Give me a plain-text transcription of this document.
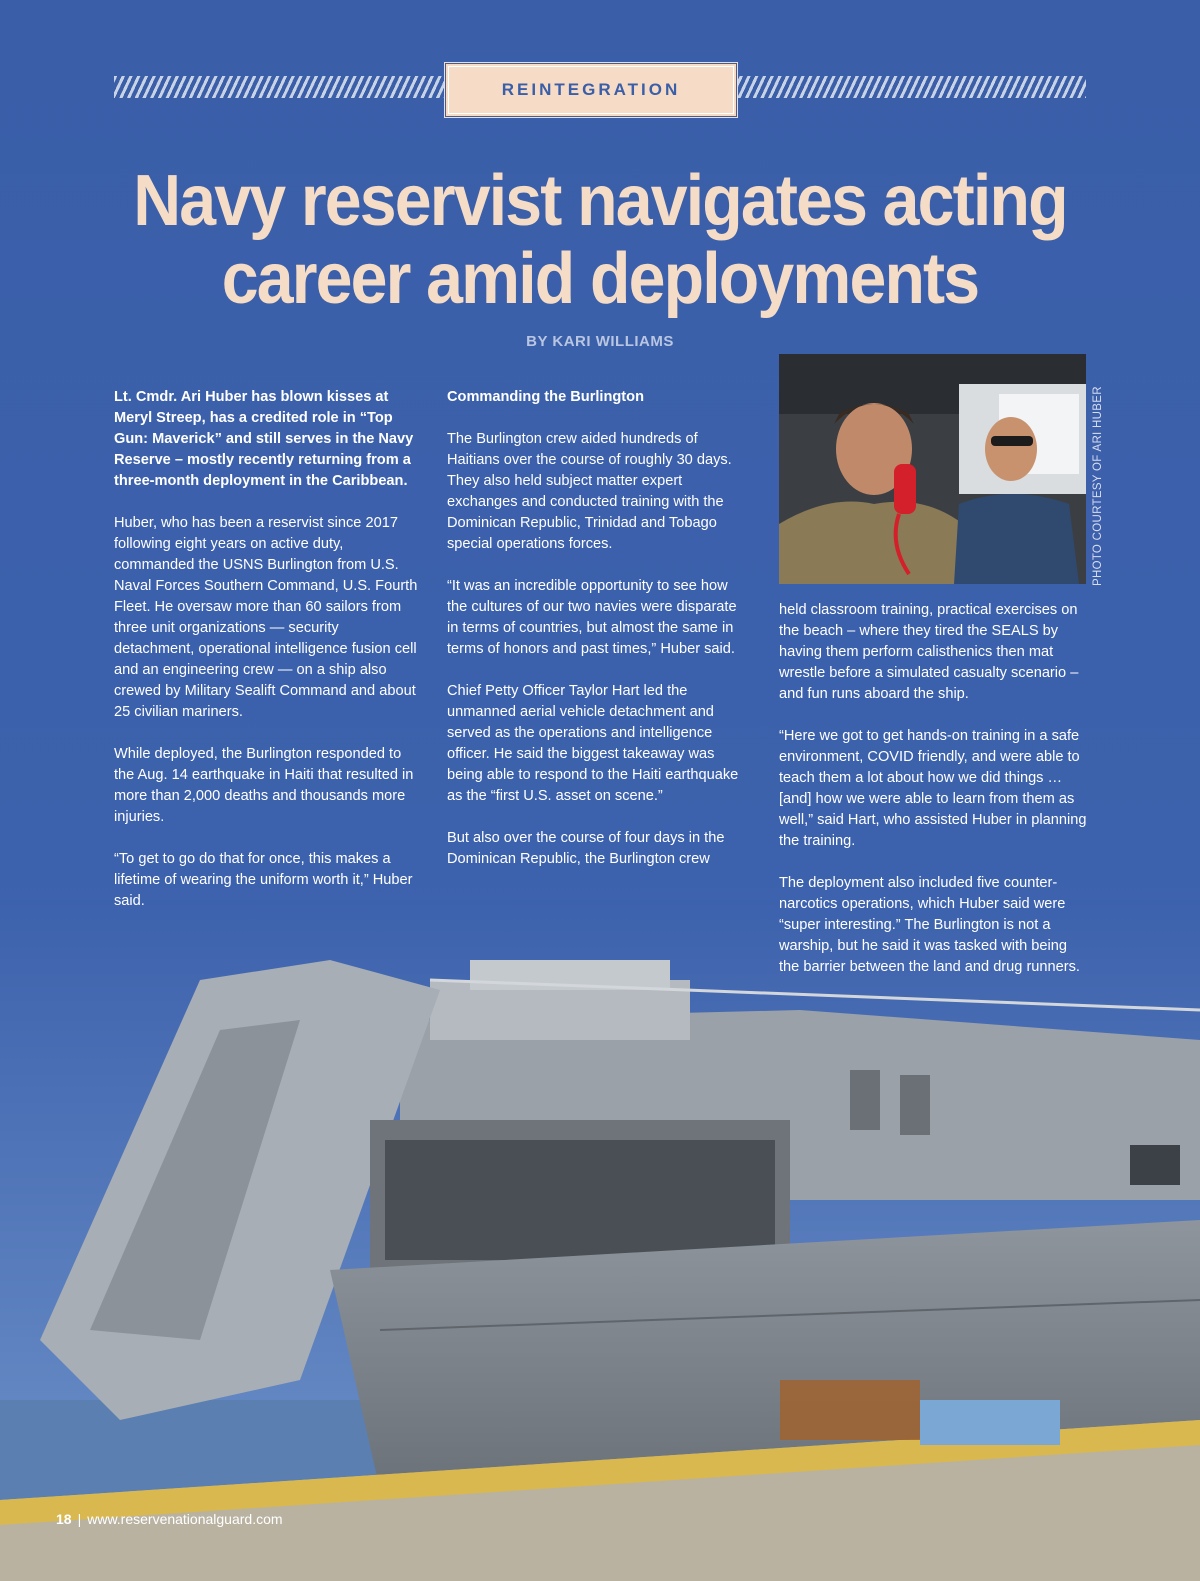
REINTEGRATION
Navy reservist navigates acting career amid deployments
BY KARI WILLIAMS

Lt. Cmdr. Ari Huber has blown kisses at Meryl Streep, has a credited role in “Top Gun: Maverick” and still serves in the Navy Reserve – mostly recently returning from a three-month deployment in the Caribbean.

Huber, who has been a reservist since 2017 following eight years on active duty, commanded the USNS Burlington from U.S. Naval Forces Southern Command, U.S. Fourth Fleet. He oversaw more than 60 sailors from three unit organizations — security detachment, operational intelligence fusion cell and an engineering crew — on a ship also crewed by Military Sealift Command and about 25 civilian mariners.

While deployed, the Burlington responded to the Aug. 14 earthquake in Haiti that resulted in more than 2,000 deaths and thousands more injuries.

“To get to go do that for once, this makes a lifetime of wearing the uniform worth it,” Huber said.

Commanding the Burlington

The Burlington crew aided hundreds of Haitians over the course of roughly 30 days. They also held subject matter expert exchanges and conducted training with the Dominican Republic, Trinidad and Tobago special operations forces.

“It was an incredible opportunity to see how the cultures of our two navies were disparate in terms of countries, but almost the same in terms of honors and past times,” Huber said.

Chief Petty Officer Taylor Hart led the unmanned aerial vehicle detachment and served as the operations and intelligence officer. He said the biggest takeaway was being able to respond to the Haiti earthquake as the “first U.S. asset on scene.”

But also over the course of four days in the Dominican Republic, the Burlington crew

PHOTO COURTESY OF ARI HUBER

held classroom training, practical exercises on the beach – where they tired the SEALS by having them perform calisthenics then mat wrestle before a simulated casualty scenario – and fun runs aboard the ship.

“Here we got to get hands-on training in a safe environment, COVID friendly, and were able to teach them a lot about how we did things … [and] how we were able to learn from them as well,” said Hart, who assisted Huber in planning the training.

The deployment also included five counter-narcotics operations, which Huber said were “super interesting.” The Burlington is not a warship, but he said it was tasked with being the barrier between the land and drug runners.

18 | www.reservenationalguard.com
